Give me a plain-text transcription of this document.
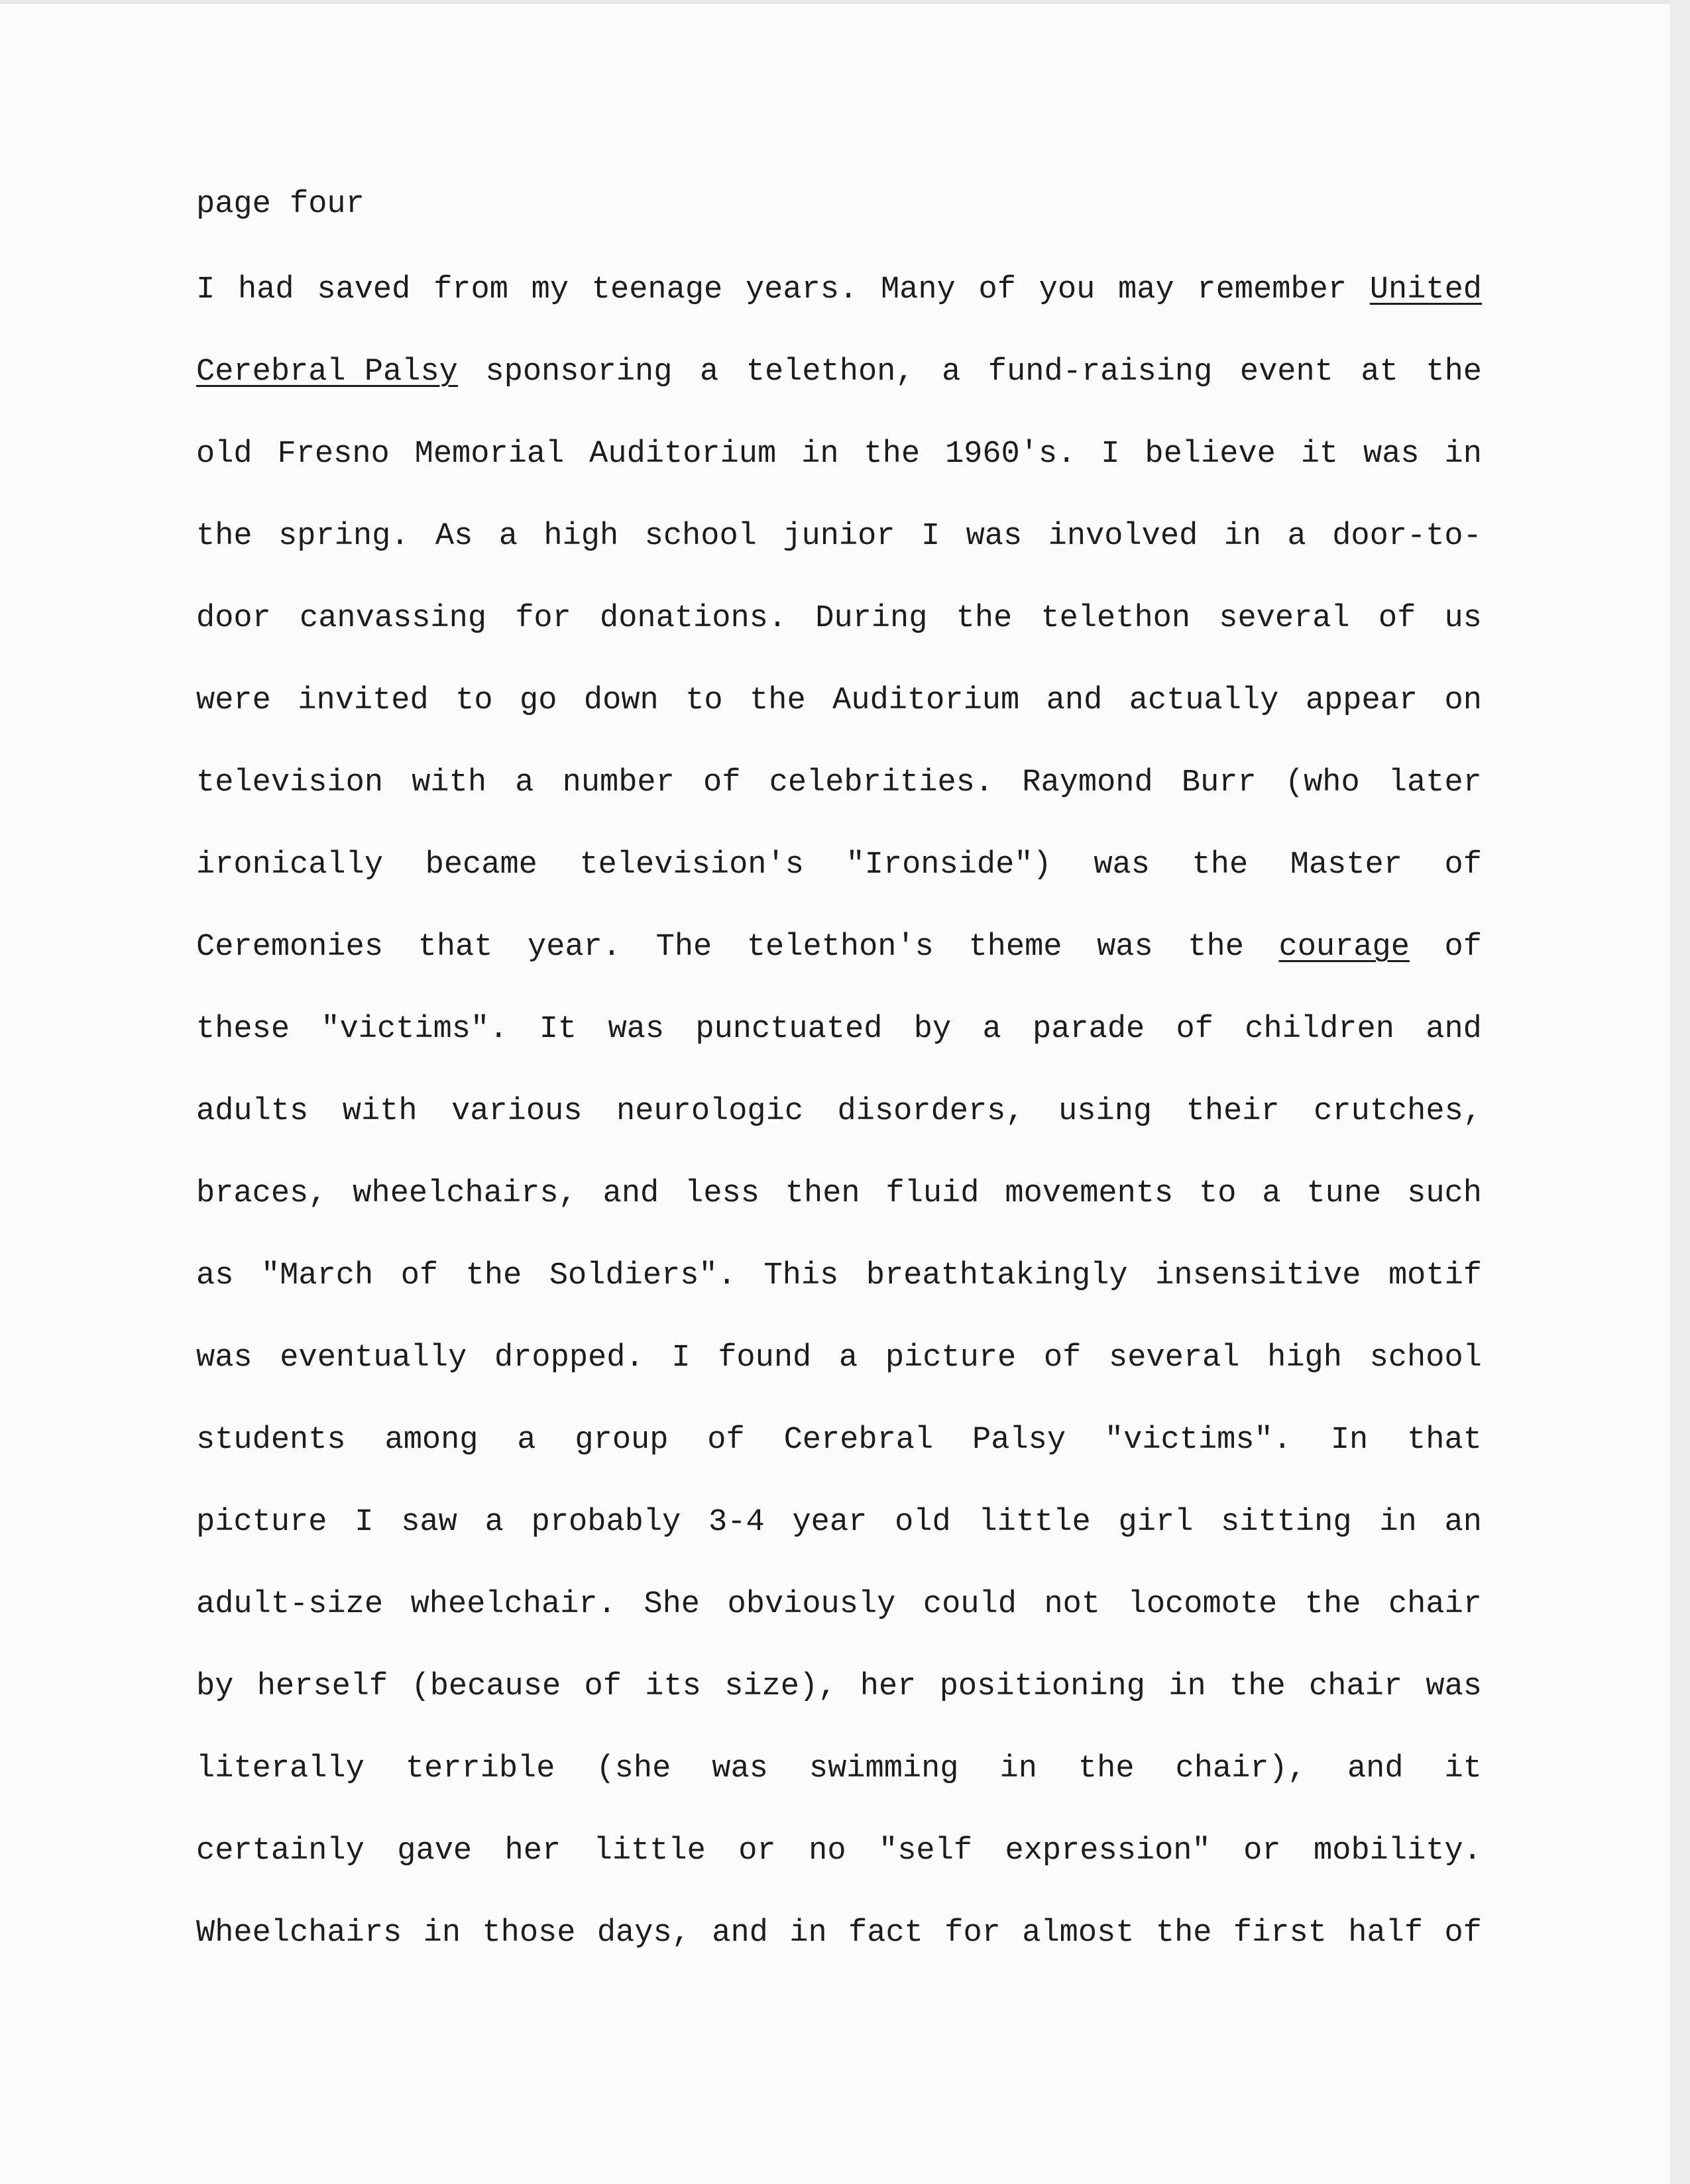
page four
I had saved from my teenage years. Many of you may remember United
Cerebral Palsy sponsoring a telethon, a fund-raising event at the
old Fresno Memorial Auditorium in the 1960's. I believe it was in
the spring. As a high school junior I was involved in a door-to-
door canvassing for donations. During the telethon several of us
were invited to go down to the Auditorium and actually appear on
television with a number of celebrities. Raymond Burr (who later
ironically became television's "Ironside") was the Master of
Ceremonies that year. The telethon's theme was the courage of
these "victims". It was punctuated by a parade of children and
adults with various neurologic disorders, using their crutches,
braces, wheelchairs, and less then fluid movements to a tune such
as "March of the Soldiers". This breathtakingly insensitive motif
was eventually dropped. I found a picture of several high school
students among a group of Cerebral Palsy "victims". In that
picture I saw a probably 3-4 year old little girl sitting in an
adult-size wheelchair. She obviously could not locomote the chair
by herself (because of its size), her positioning in the chair was
literally terrible (she was swimming in the chair), and it
certainly gave her little or no "self expression" or mobility.
Wheelchairs in those days, and in fact for almost the first half of
